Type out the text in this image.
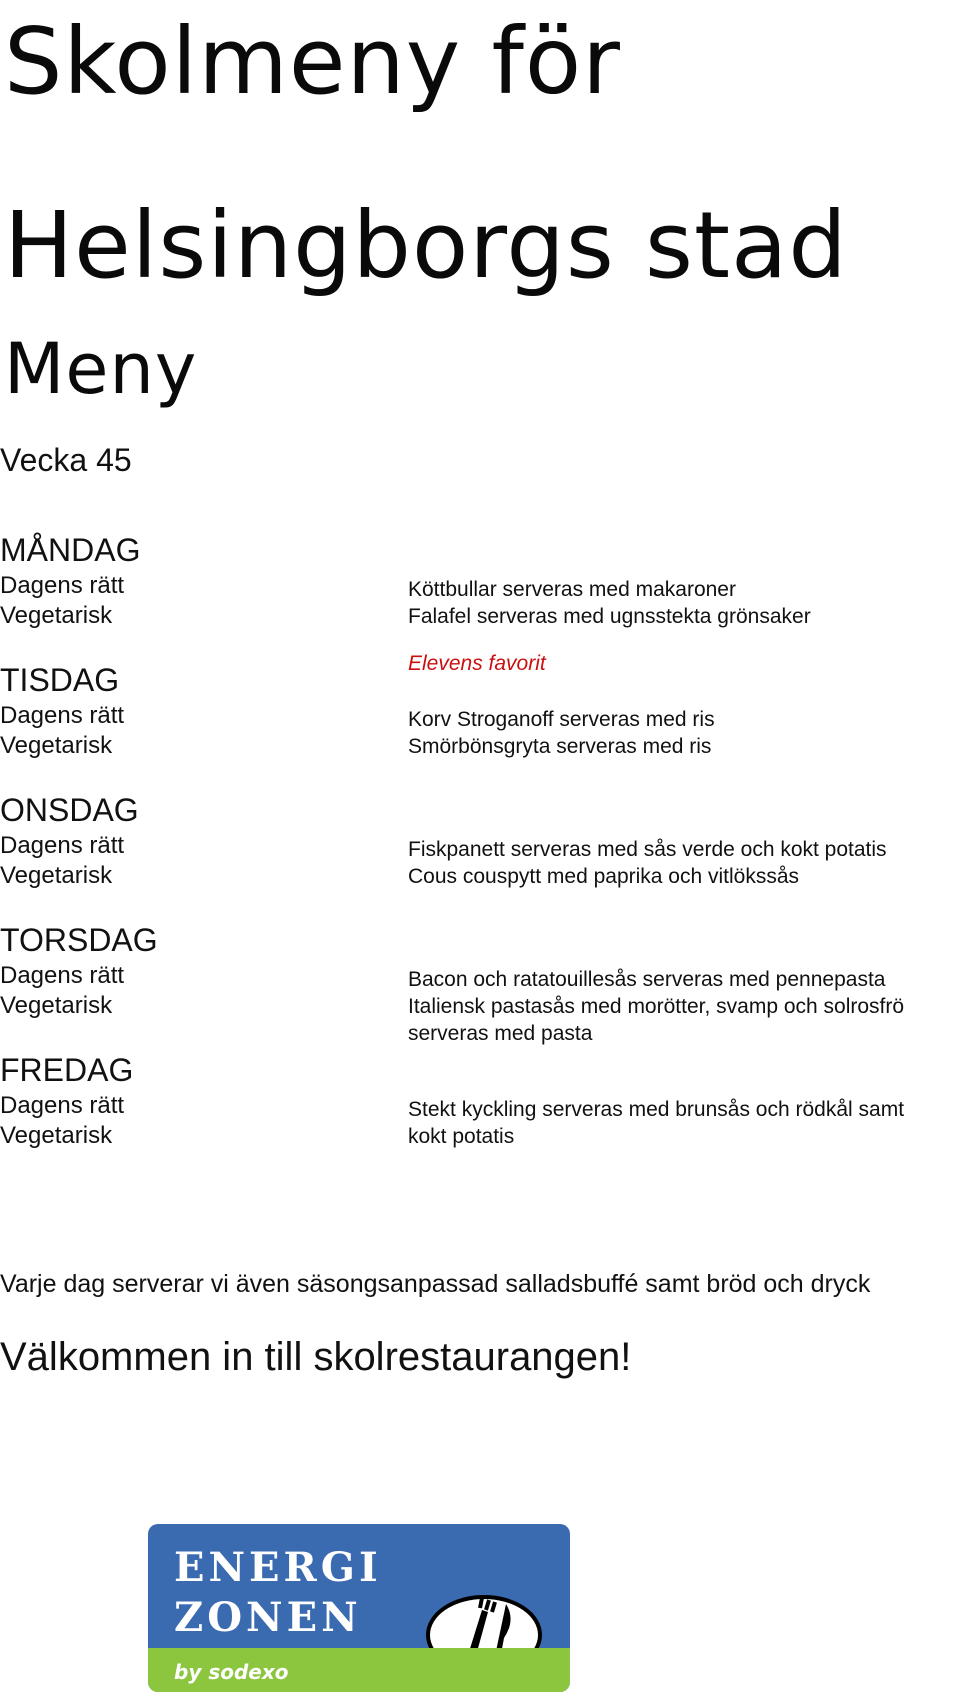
Skolmeny för
Helsingborgs stad
Meny

Vecka 45

MÅNDAG
Dagens rätt
Vegetarisk
Köttbullar serveras med makaroner
Falafel serveras med ugnsstekta grönsaker
Elevens favorit
TISDAG
Dagens rätt
Vegetarisk
Korv Stroganoff serveras med ris
Smörbönsgryta serveras med ris
ONSDAG
Dagens rätt
Vegetarisk
Fiskpanett serveras med sås verde och kokt potatis
Cous couspytt med paprika och vitlökssås
TORSDAG
Dagens rätt
Vegetarisk
Bacon och ratatouillesås serveras med pennepasta
Italiensk pastasås med morötter, svamp och solrosfrö serveras med pasta
FREDAG
Dagens rätt
Vegetarisk
Stekt kyckling serveras med brunsås och rödkål samt kokt potatis
Varje dag serverar vi även säsongsanpassad salladsbuffé samt bröd och dryck
Välkommen in till skolrestaurangen!
ENERGI
ZONEN
by sodexo
